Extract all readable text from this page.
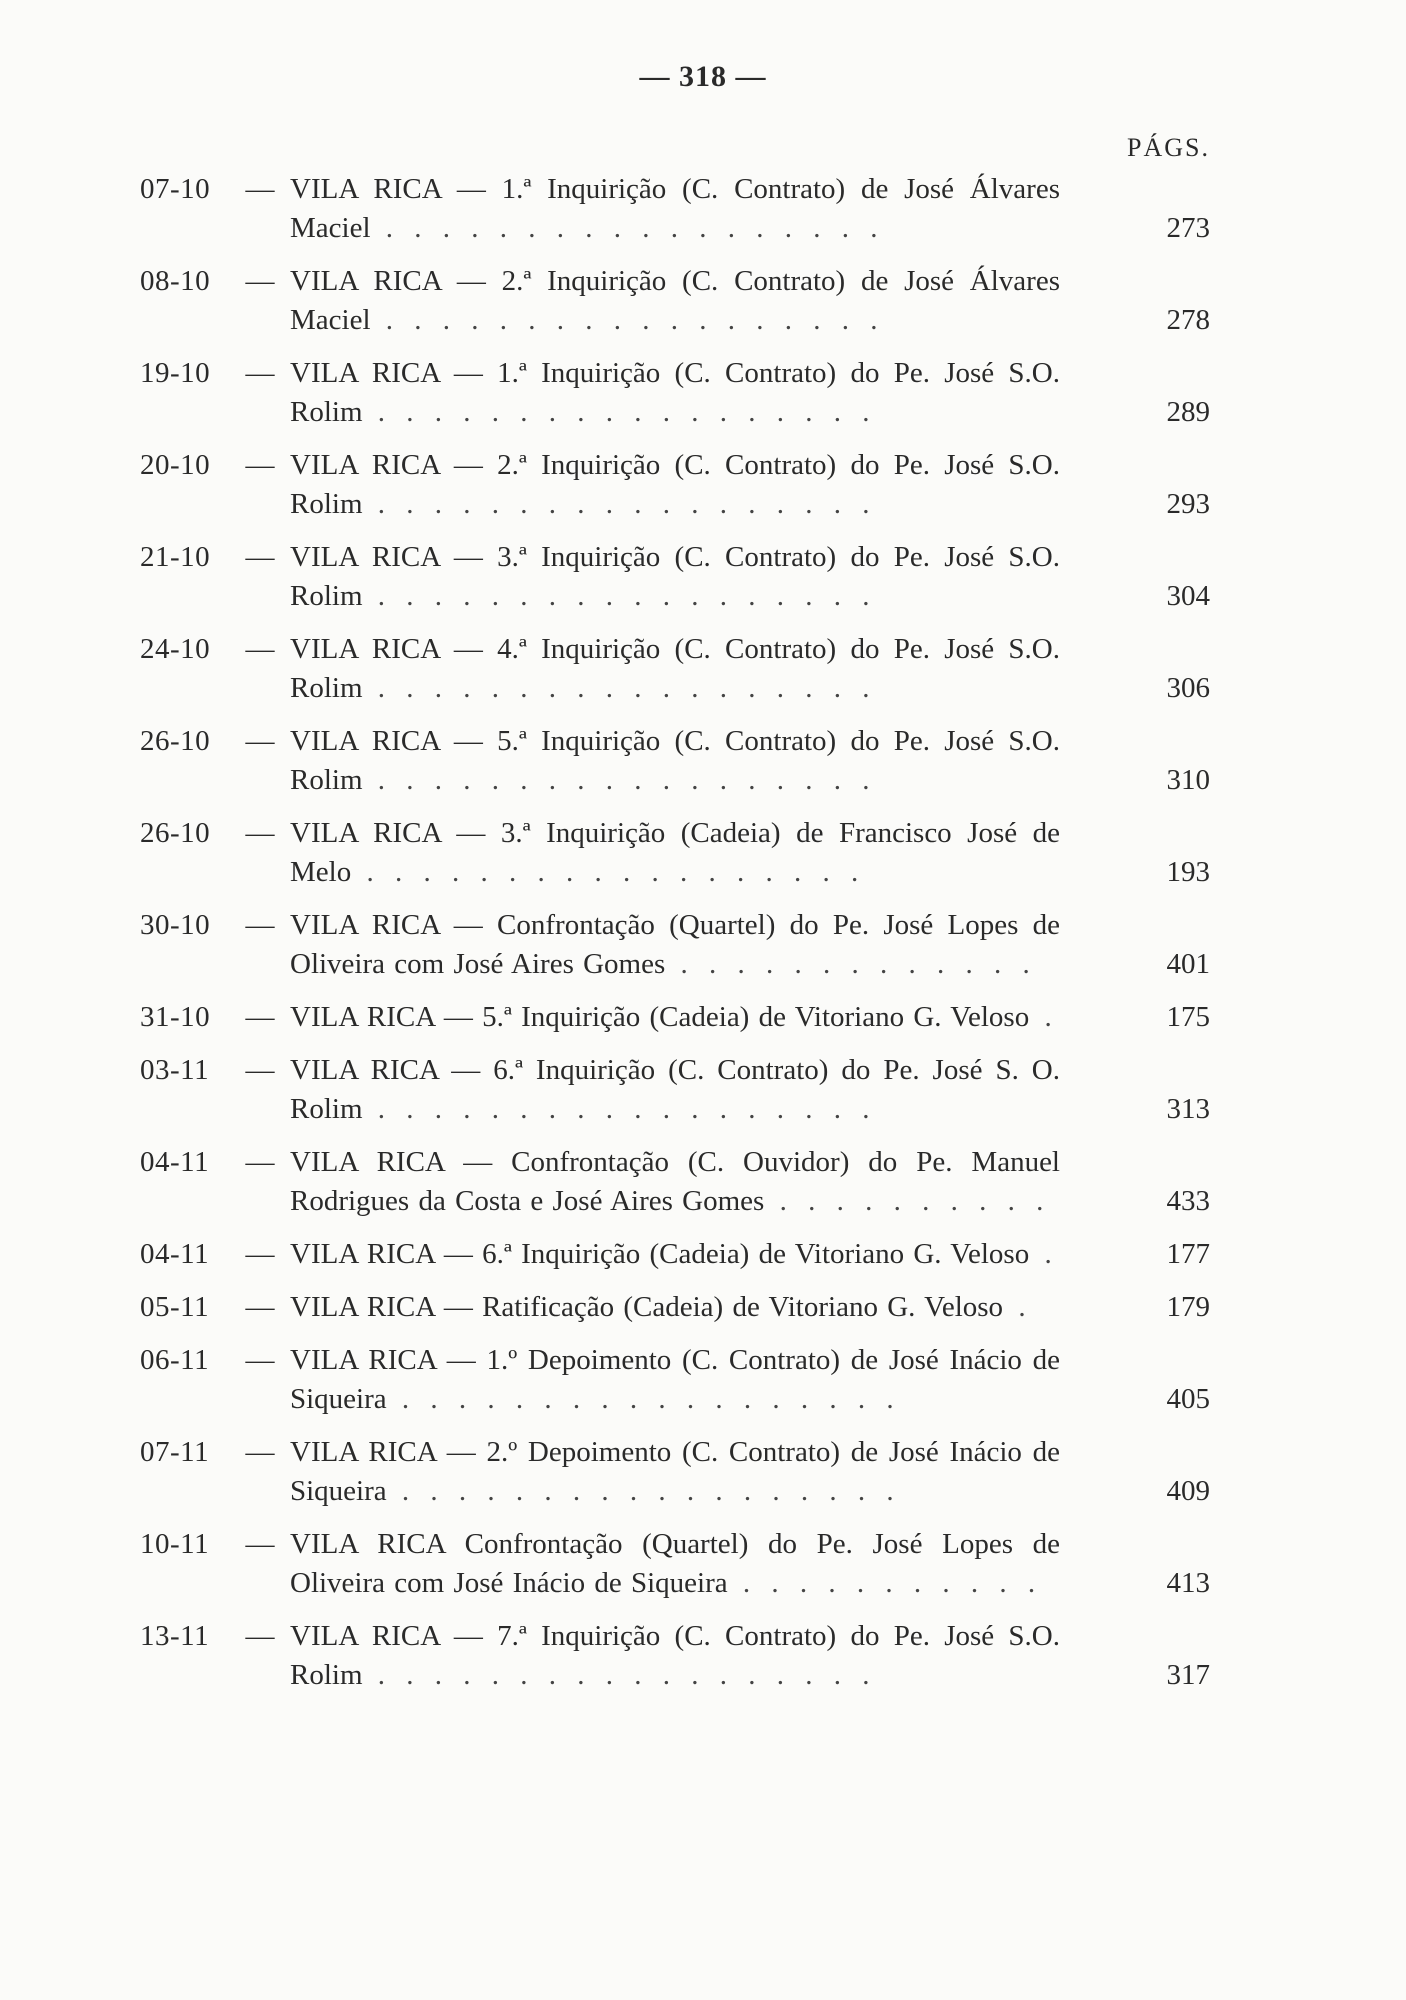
— 318 —
PÁGS.
07-10	— VILA RICA — 1.ª Inquirição (C. Contrato) de José Álvares Maciel . . . . . . . . . . . . . . . . . .	273
08-10	— VILA RICA — 2.ª Inquirição (C. Contrato) de José Álvares Maciel . . . . . . . . . . . . . . . . . .	278
19-10	— VILA RICA — 1.ª Inquirição (C. Contrato) do Pe. José S.O. Rolim . . . . . . . . . . . . . . . . . .	289
20-10	— VILA RICA — 2.ª Inquirição (C. Contrato) do Pe. José S.O. Rolim . . . . . . . . . . . . . . . . . .	293
21-10	— VILA RICA — 3.ª Inquirição (C. Contrato) do Pe. José S.O. Rolim . . . . . . . . . . . . . . . . . .	304
24-10	— VILA RICA — 4.ª Inquirição (C. Contrato) do Pe. José S.O. Rolim . . . . . . . . . . . . . . . . . .	306
26-10	— VILA RICA — 5.ª Inquirição (C. Contrato) do Pe. José S.O. Rolim . . . . . . . . . . . . . . . . . .	310
26-10	— VILA RICA — 3.ª Inquirição (Cadeia) de Francisco José de Melo . . . . . . . . . . . . . . . . . .	193
30-10	— VILA RICA — Confrontação (Quartel) do Pe. José Lopes de Oliveira com José Aires Gomes . . . . . . . . . . . . .	401
31-10	— VILA RICA — 5.ª Inquirição (Cadeia) de Vitoriano G. Veloso .	175
03-11	— VILA RICA — 6.ª Inquirição (C. Contrato) do Pe. José S. O. Rolim . . . . . . . . . . . . . . . . . .	313
04-11	— VILA RICA — Confrontação (C. Ouvidor) do Pe. Manuel Rodrigues da Costa e José Aires Gomes . . . . . . . . . .	433
04-11	— VILA RICA — 6.ª Inquirição (Cadeia) de Vitoriano G. Veloso .	177
05-11	— VILA RICA — Ratificação (Cadeia) de Vitoriano G. Veloso .	179
06-11	— VILA RICA — 1.º Depoimento (C. Contrato) de José Inácio de Siqueira . . . . . . . . . . . . . . . . . .	405
07-11	— VILA RICA — 2.º Depoimento (C. Contrato) de José Inácio de Siqueira . . . . . . . . . . . . . . . . . .	409
10-11	— VILA RICA Confrontação (Quartel) do Pe. José Lopes de Oliveira com José Inácio de Siqueira . . . . . . . . . . .	413
13-11	— VILA RICA — 7.ª Inquirição (C. Contrato) do Pe. José S.O. Rolim . . . . . . . . . . . . . . . . . .	317
